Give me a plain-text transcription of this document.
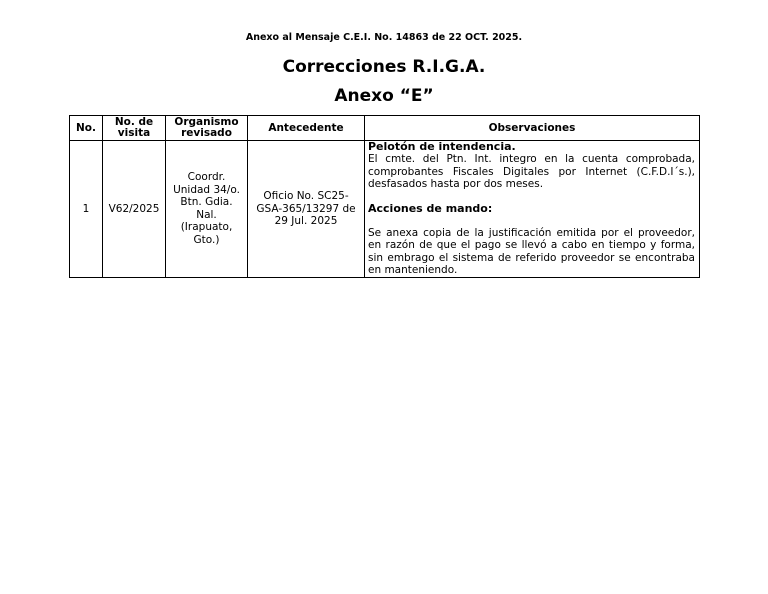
Anexo al Mensaje C.E.I. No. 14863 de 22 OCT. 2025.
Correcciones R.I.G.A.
Anexo “E”
No.	No. de visita	Organismo revisado	Antecedente	Observaciones
1	V62/2025	Coordr. Unidad 34/o. Btn. Gdia. Nal. (Irapuato, Gto.)	Oficio No. SC25-GSA-365/13297 de 29 Jul. 2025	Pelotón de intendencia.
El cmte. del Ptn. Int. integro en la cuenta comprobada, comprobantes Fiscales Digitales por Internet (C.F.D.I´s.), desfasados hasta por dos meses.
Acciones de mando:
Se anexa copia de la justificación emitida por el proveedor, en razón de que el pago se llevó a cabo en tiempo y forma, sin embrago el sistema de referido proveedor se encontraba en manteniendo.
